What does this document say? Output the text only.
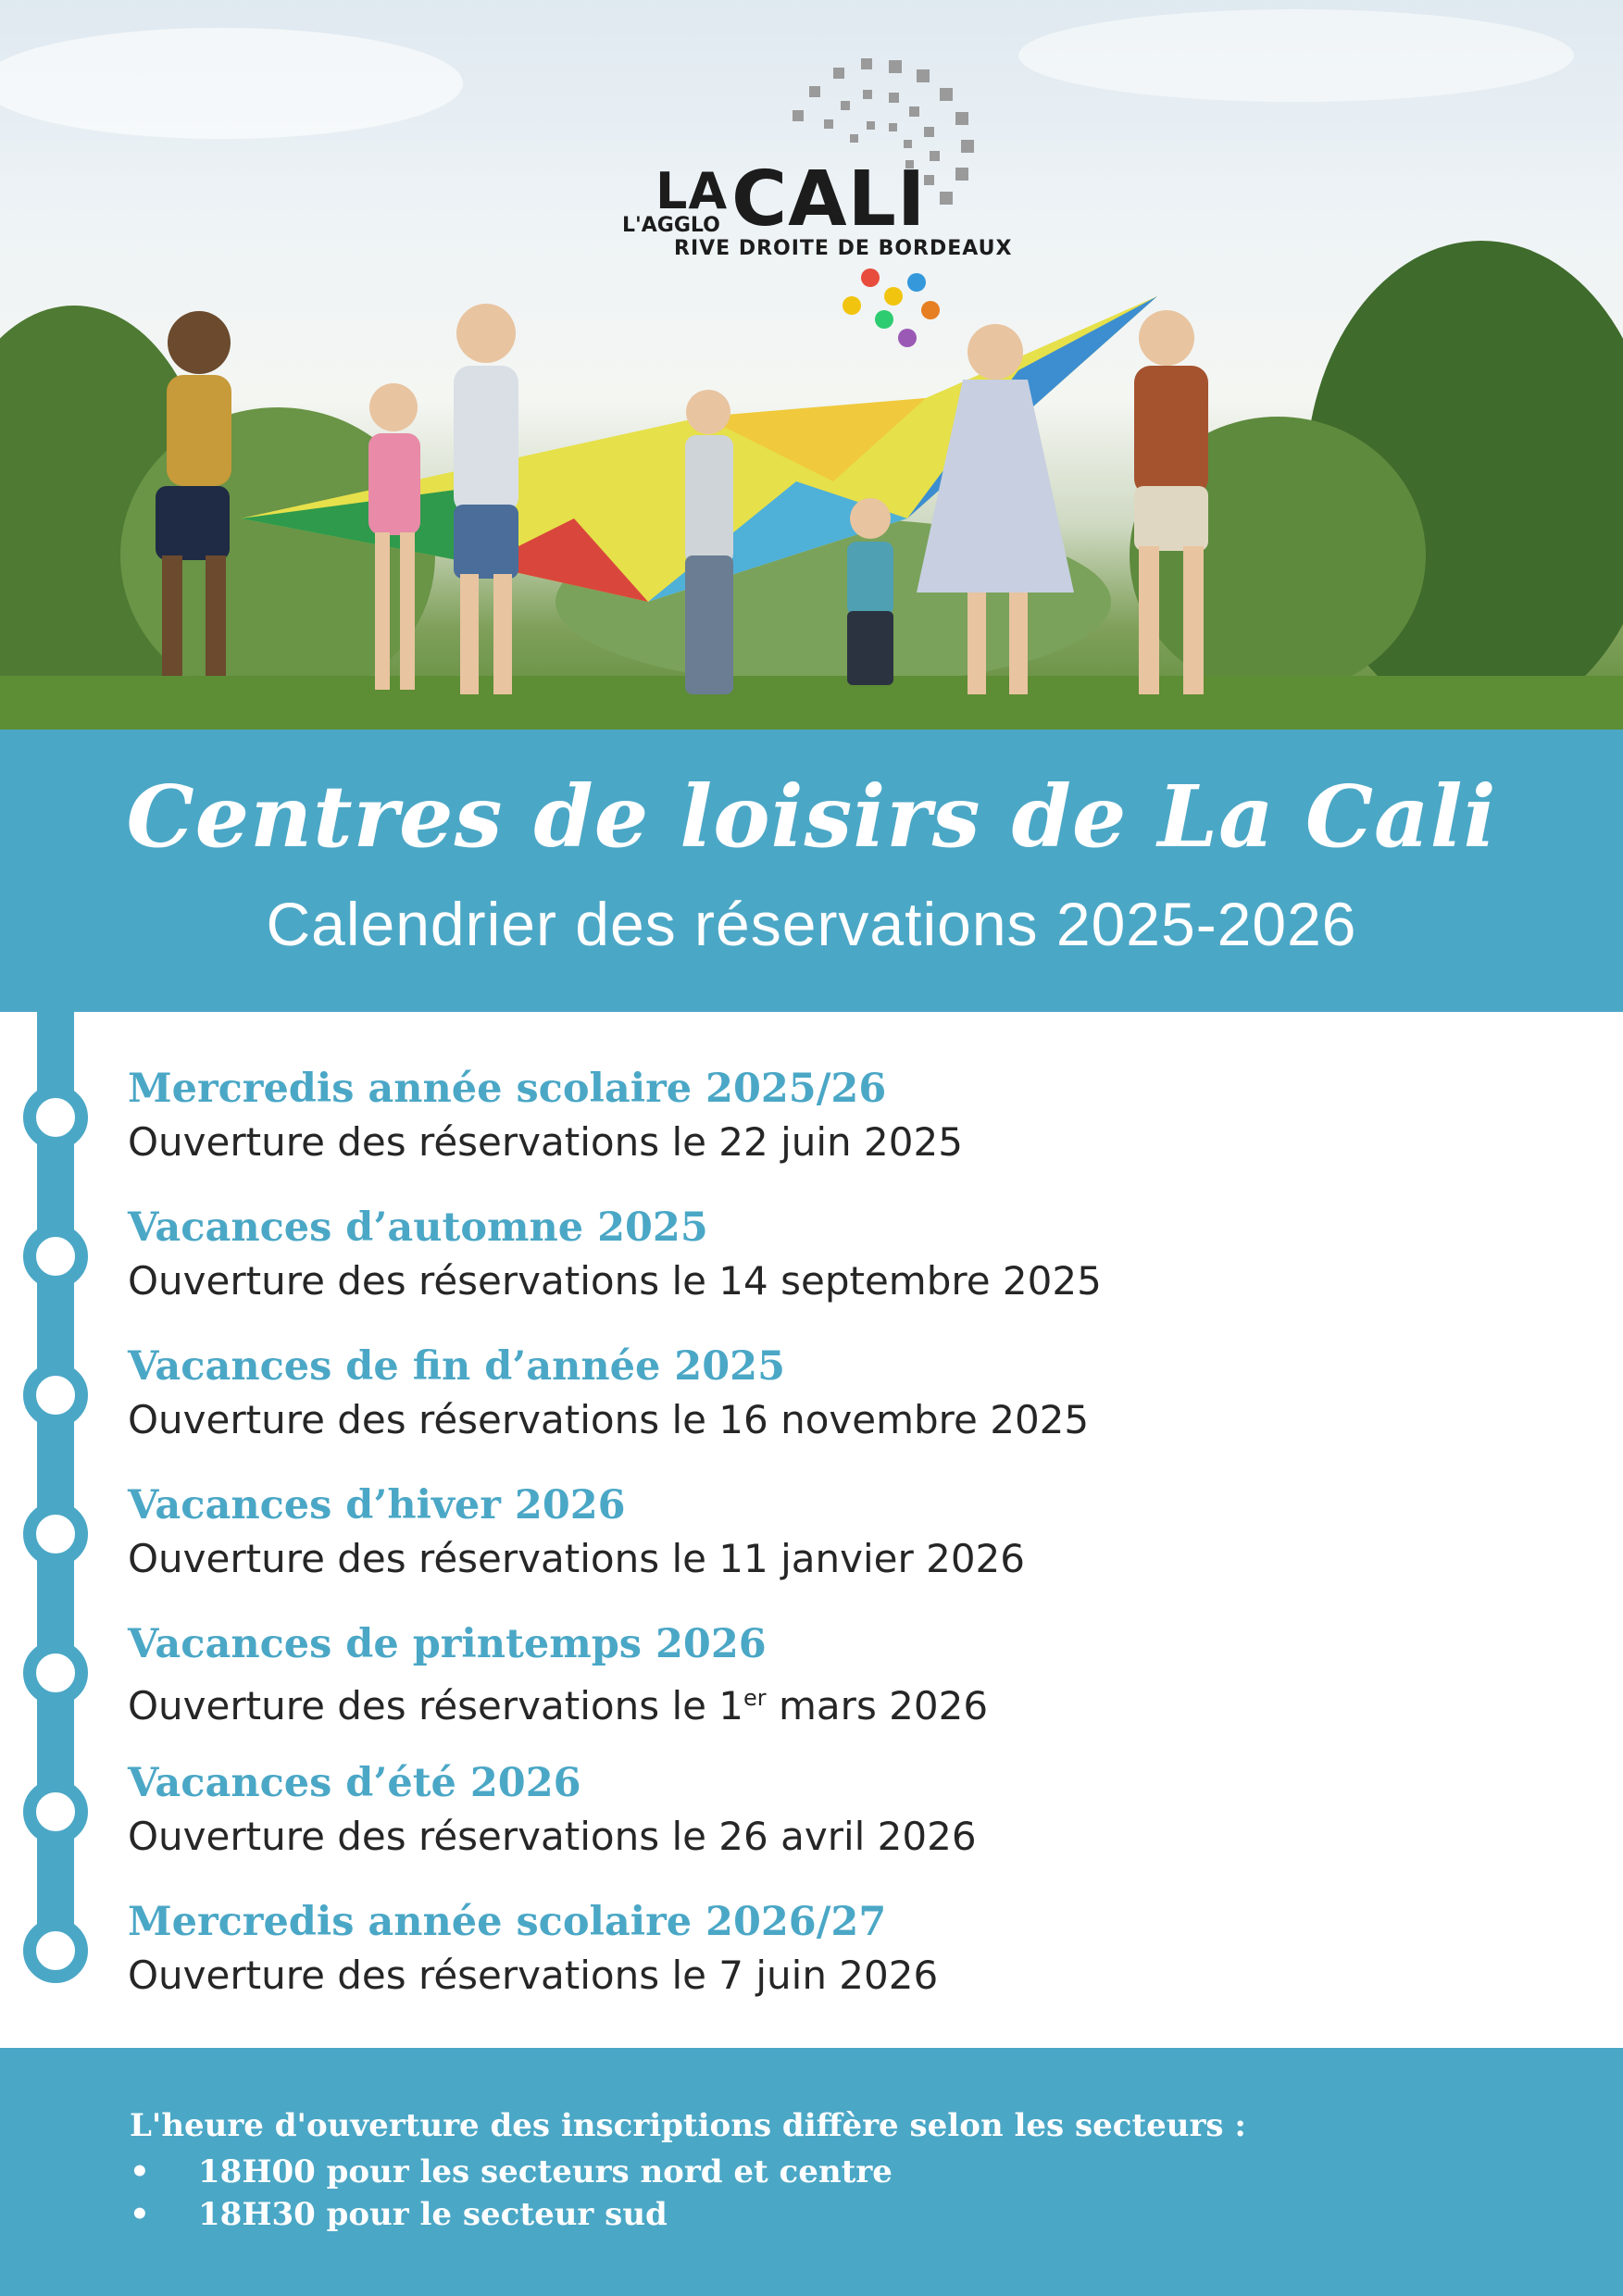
LA CALI
L'AGGLO
RIVE DROITE DE BORDEAUX
Centres de loisirs de La Cali
Calendrier des réservations 2025-2026
Mercredis année scolaire 2025/26
Ouverture des réservations le 22 juin 2025
Vacances d’automne 2025
Ouverture des réservations le 14 septembre 2025
Vacances de fin d’année 2025
Ouverture des réservations le 16 novembre 2025
Vacances d’hiver 2026
Ouverture des réservations le 11 janvier 2026
Vacances de printemps 2026
Ouverture des réservations le 1er mars 2026
Vacances d’été 2026
Ouverture des réservations le 26 avril 2026
Mercredis année scolaire 2026/27
Ouverture des réservations le 7 juin 2026
L'heure d'ouverture des inscriptions diffère selon les secteurs :
• 18H00 pour les secteurs nord et centre
• 18H30 pour le secteur sud
